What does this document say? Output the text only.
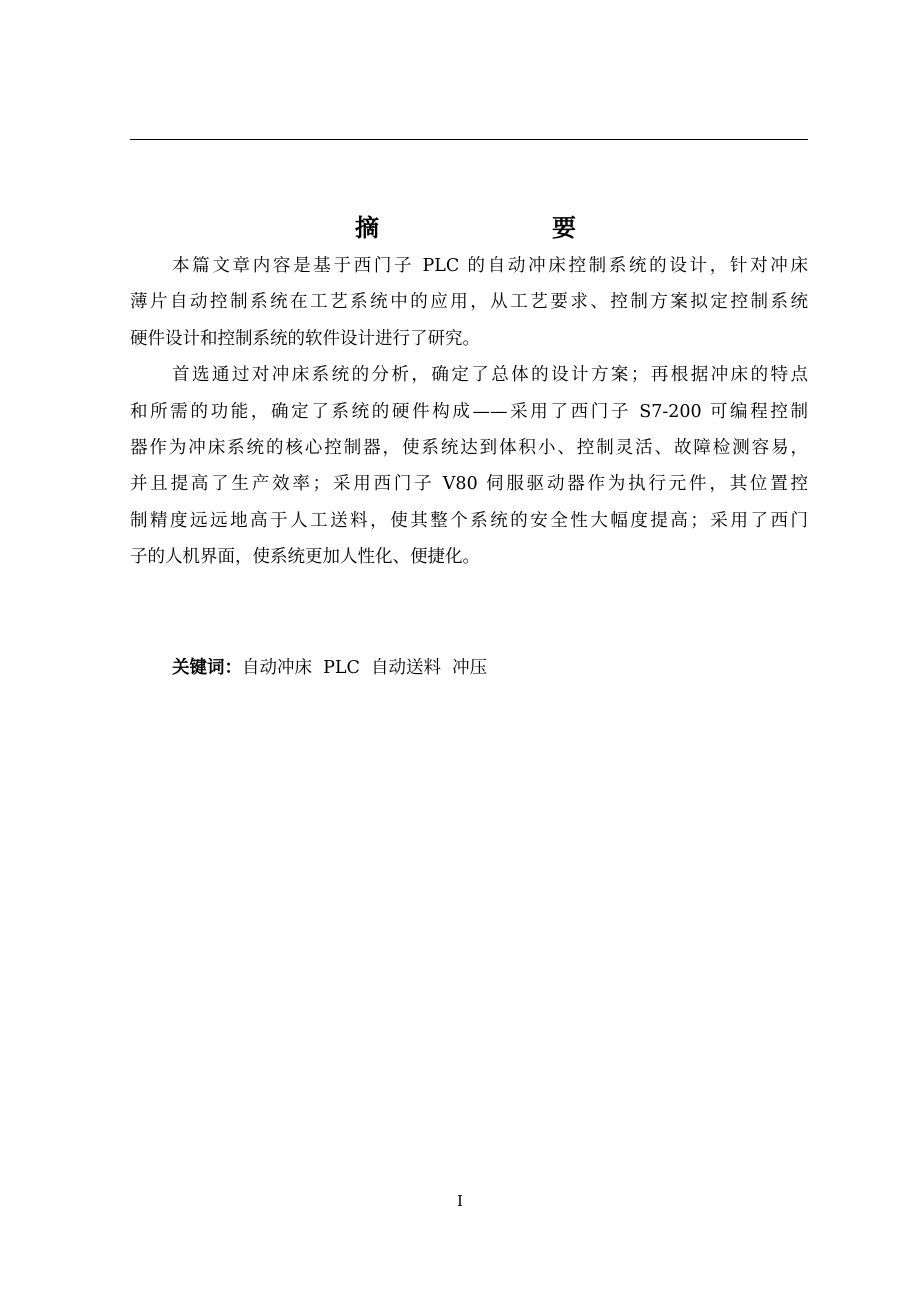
摘	要
本篇文章内容是基于西门子 PLC 的自动冲床控制系统的设计，针对冲床
薄片自动控制系统在工艺系统中的应用，从工艺要求、控制方案拟定控制系统
硬件设计和控制系统的软件设计进行了研究。
首选通过对冲床系统的分析，确定了总体的设计方案；再根据冲床的特点
和所需的功能，确定了系统的硬件构成——采用了西门子 S7-200 可编程控制
器作为冲床系统的核心控制器，使系统达到体积小、控制灵活、故障检测容易，
并且提高了生产效率；采用西门子 V80 伺服驱动器作为执行元件，其位置控
制精度远远地高于人工送料，使其整个系统的安全性大幅度提高；采用了西门
子的人机界面，使系统更加人性化、便捷化。
关键词：自动冲床  PLC  自动送料  冲压
I
